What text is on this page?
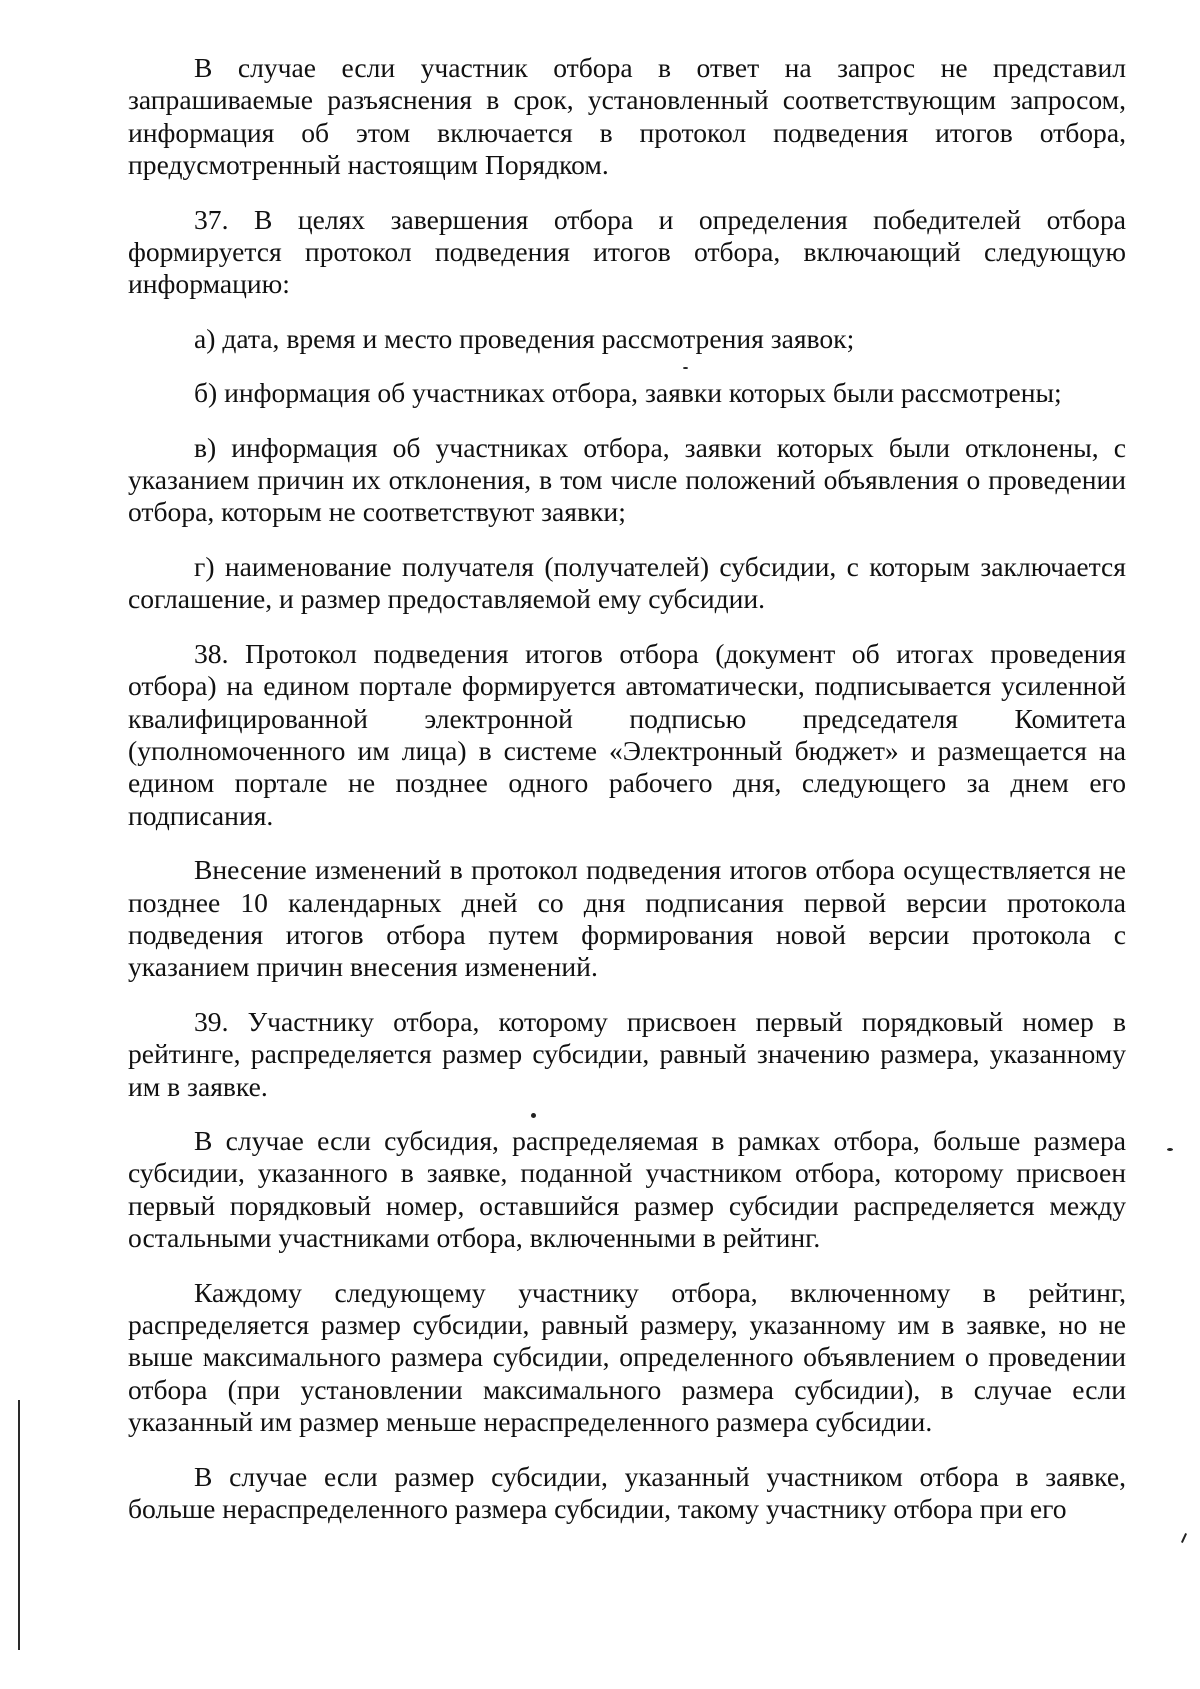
В случае если участник отбора в ответ на запрос не представил запрашиваемые разъяснения в срок, установленный соответствующим запросом, информация об этом включается в протокол подведения итогов отбора, предусмотренный настоящим Порядком.

37. В целях завершения отбора и определения победителей отбора формируется протокол подведения итогов отбора, включающий следующую информацию:

а) дата, время и место проведения рассмотрения заявок;

б) информация об участниках отбора, заявки которых были рассмотрены;

в) информация об участниках отбора, заявки которых были отклонены, с указанием причин их отклонения, в том числе положений объявления о проведении отбора, которым не соответствуют заявки;

г) наименование получателя (получателей) субсидии, с которым заключается соглашение, и размер предоставляемой ему субсидии.

38. Протокол подведения итогов отбора (документ об итогах проведения отбора) на едином портале формируется автоматически, подписывается усиленной квалифицированной электронной подписью председателя Комитета (уполномоченного им лица) в системе «Электронный бюджет» и размещается на едином портале не позднее одного рабочего дня, следующего за днем его подписания.

Внесение изменений в протокол подведения итогов отбора осуществляется не позднее 10 календарных дней со дня подписания первой версии протокола подведения итогов отбора путем формирования новой версии протокола с указанием причин внесения изменений.

39. Участнику отбора, которому присвоен первый порядковый номер в рейтинге, распределяется размер субсидии, равный значению размера, указанному им в заявке.

В случае если субсидия, распределяемая в рамках отбора, больше размера субсидии, указанного в заявке, поданной участником отбора, которому присвоен первый порядковый номер, оставшийся размер субсидии распределяется между остальными участниками отбора, включенными в рейтинг.

Каждому следующему участнику отбора, включенному в рейтинг, распределяется размер субсидии, равный размеру, указанному им в заявке, но не выше максимального размера субсидии, определенного объявлением о проведении отбора (при установлении максимального размера субсидии), в случае если указанный им размер меньше нераспределенного размера субсидии.

В случае если размер субсидии, указанный участником отбора в заявке, больше нераспределенного размера субсидии, такому участнику отбора при его
